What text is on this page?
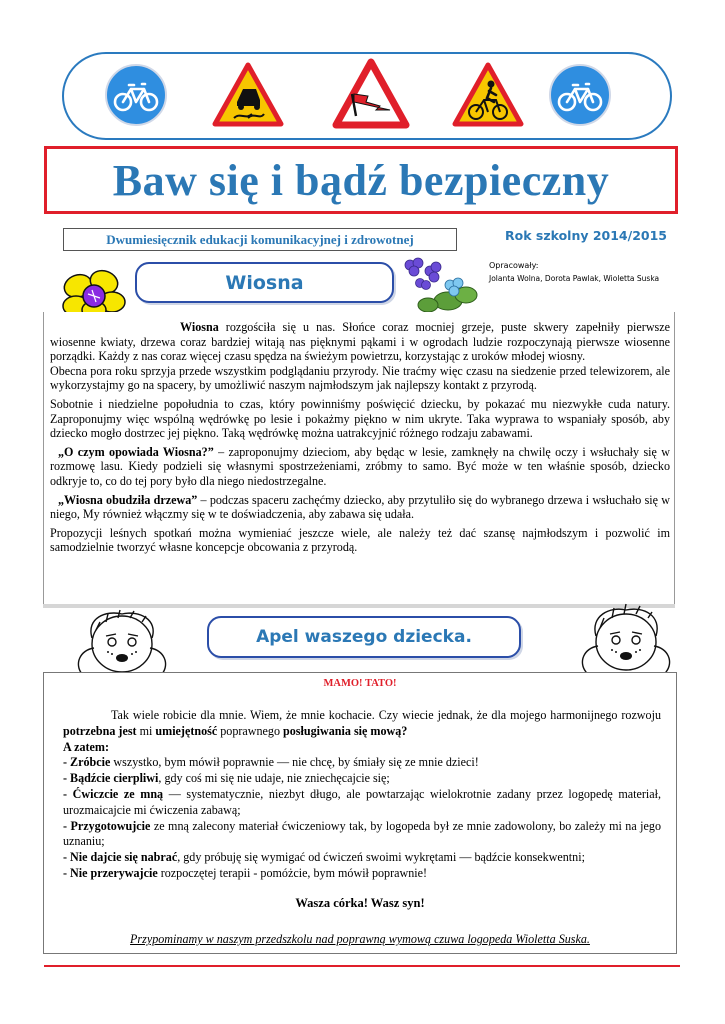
Baw się i bądź bezpieczny
Dwumiesięcznik edukacji komunikacyjnej i zdrowotnej	Rok szkolny 2014/2015
Opracowały:
Jolanta Wolna, Dorota Pawlak, Wioletta Suska
Wiosna

Wiosna rozgościła się u nas. Słońce coraz mocniej grzeje, puste skwery zapełniły pierwsze wiosenne kwiaty, drzewa coraz bardziej witają nas pięknymi pąkami i w ogrodach ludzie rozpoczynają pierwsze wiosenne porządki. Każdy z nas coraz więcej czasu spędza na świeżym powietrzu, korzystając z uroków młodej wiosny.

Obecna pora roku sprzyja przede wszystkim podglądaniu przyrody. Nie traćmy więc czasu na siedzenie przed telewizorem, ale wykorzystajmy go na spacery, by umożliwić naszym najmłodszym jak najlepszy kontakt z przyrodą.

Sobotnie i niedzielne popołudnia to czas, który powinniśmy poświęcić dziecku, by pokazać mu niezwykłe cuda natury. Zaproponujmy więc wspólną wędrówkę po lesie i pokażmy piękno w nim ukryte. Taka wyprawa to wspaniały sposób, aby dziecko mogło dostrzec jej piękno. Taką wędrówkę można uatrakcyjnić różnego rodzaju zabawami.

„O czym opowiada Wiosna?” – zaproponujmy dzieciom, aby będąc w lesie, zamknęły na chwilę oczy i wsłuchały się w rozmowę lasu. Kiedy podzieli się własnymi spostrzeżeniami, zróbmy to samo. Być może w ten właśnie sposób, dziecko odkryje to, co do tej pory było dla niego niedostrzegalne.

„Wiosna obudziła drzewa” – podczas spaceru zachęćmy dziecko, aby przytuliło się do wybranego drzewa i wsłuchało się w niego, My również włączmy się w te doświadczenia, aby zabawa się udała.

Propozycji leśnych spotkań można wymieniać jeszcze wiele, ale należy też dać szansę najmłodszym i pozwolić im samodzielnie tworzyć własne koncepcje obcowania z przyrodą.

Apel waszego dziecka.
MAMO! TATO!

Tak wiele robicie dla mnie. Wiem, że mnie kochacie. Czy wiecie jednak, że dla mojego harmonijnego rozwoju potrzebna jest mi umiejętność poprawnego posługiwania się mową?

A zatem:

- Zróbcie wszystko, bym mówił poprawnie — nie chcę, by śmiały się ze mnie dzieci!

- Bądźcie cierpliwi, gdy coś mi się nie udaje, nie zniechęcajcie się;

- Ćwiczcie ze mną — systematycznie, niezbyt długo, ale powtarzając wielokrotnie zadany przez logopedę materiał, urozmaicajcie mi ćwiczenia zabawą;

- Przygotowujcie ze mną zalecony materiał ćwiczeniowy tak, by logopeda był ze mnie zadowolony, bo zależy mi na jego uznaniu;

- Nie dajcie się nabrać, gdy próbuję się wymigać od ćwiczeń swoimi wykrętami — bądźcie konsekwentni;

- Nie przerywajcie rozpoczętej terapii - pomóżcie, bym mówił poprawnie!

Wasza córka! Wasz syn!
Przypominamy w naszym przedszkolu nad poprawną wymową czuwa logopeda Wioletta Suska.
